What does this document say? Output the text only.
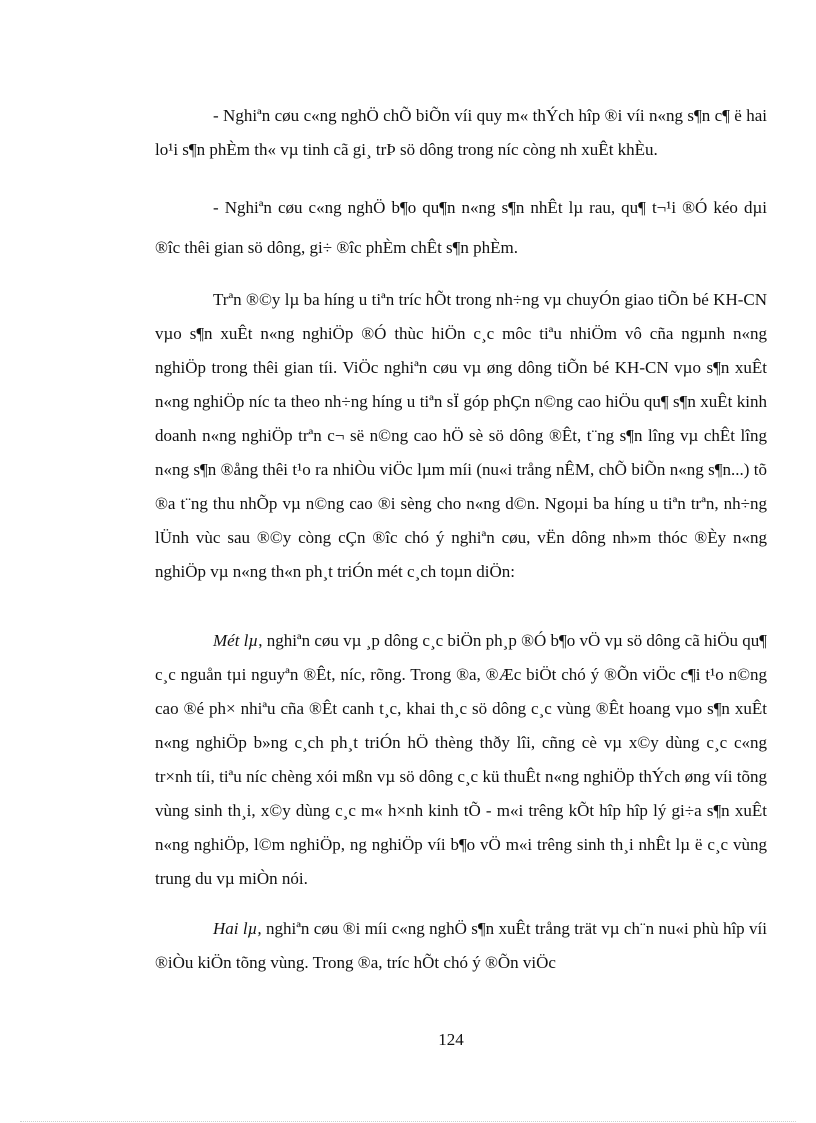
- Nghiªn cøu c«ng nghÖ chÕ biÕn víi quy m« thÝch hîp ®i víi n«ng s¶n c¶ ë hai lo¹i s¶n phÈm th« vµ tinh cã gi¸ trÞ sö dông trong níc còng nh xuÊt khÈu.

- Nghiªn cøu c«ng nghÖ b¶o qu¶n n«ng s¶n nhÊt lµ rau, qu¶ t¬¹i ®Ó kéo dµi ®îc thêi gian sö dông, gi÷ ®îc phÈm chÊt s¶n phÈm.

Trªn ®©y lµ ba híng u tiªn tríc hÕt trong nh÷ng vµ chuyÓn giao tiÕn bé KH-CN vµo s¶n xuÊt n«ng nghiÖp ®Ó thùc hiÖn c¸c môc tiªu nhiÖm vô cña ngµnh n«ng nghiÖp trong thêi gian tíi. ViÖc nghiªn cøu vµ øng dông tiÕn bé KH-CN vµo s¶n xuÊt n«ng nghiÖp níc ta theo nh÷ng híng u tiªn sÏ góp phÇn n©ng cao hiÖu qu¶ s¶n xuÊt kinh doanh n«ng nghiÖp trªn c¬ së n©ng cao hÖ sè sö dông ®Êt, t¨ng s¶n lîng vµ chÊt lîng n«ng s¶n ®ång thêi t¹o ra nhiÒu viÖc lµm míi (nu«i trång nÊM, chÕ biÕn n«ng s¶n...) tõ ®a t¨ng thu nhÕp vµ n©ng cao ®i sèng cho n«ng d©n. Ngoµi ba híng u tiªn trªn, nh÷ng lÜnh vùc sau ®©y còng cÇn ®îc chó ý nghiªn cøu, vËn dông nh»m thóc ®Èy n«ng nghiÖp vµ n«ng th«n ph¸t triÓn mét c¸ch toµn diÖn:

Mét lµ, nghiªn cøu vµ ¸p dông c¸c biÖn ph¸p ®Ó b¶o vÖ vµ sö dông cã hiÖu qu¶ c¸c nguån tµi nguyªn ®Êt, níc, rõng. Trong ®a, ®Æc biÖt chó ý ®Õn viÖc c¶i t¹o n©ng cao ®é ph× nhiªu cña ®Êt canh t¸c, khai th¸c sö dông c¸c vùng ®Êt hoang vµo s¶n xuÊt n«ng nghiÖp b»ng c¸ch ph¸t triÓn hÖ thèng thðy lîi, cñng cè vµ x©y dùng c¸c c«ng tr×nh tíi, tiªu níc chèng xói mßn vµ sö dông c¸c kü thuÊt n«ng nghiÖp thÝch øng víi tõng vùng sinh th¸i, x©y dùng c¸c m« h×nh kinh tÕ - m«i trêng kÕt hîp hîp lý gi÷a s¶n xuÊt n«ng nghiÖp, l©m nghiÖp, ng nghiÖp víi b¶o vÖ m«i trêng sinh th¸i nhÊt lµ ë c¸c vùng trung du vµ miÒn nói.

Hai lµ, nghiªn cøu ®i míi c«ng nghÖ s¶n xuÊt trång trät vµ ch¨n nu«i phù hîp víi ®iÒu kiÖn tõng vùng. Trong ®a, tríc hÕt chó ý ®Õn viÖc

124
